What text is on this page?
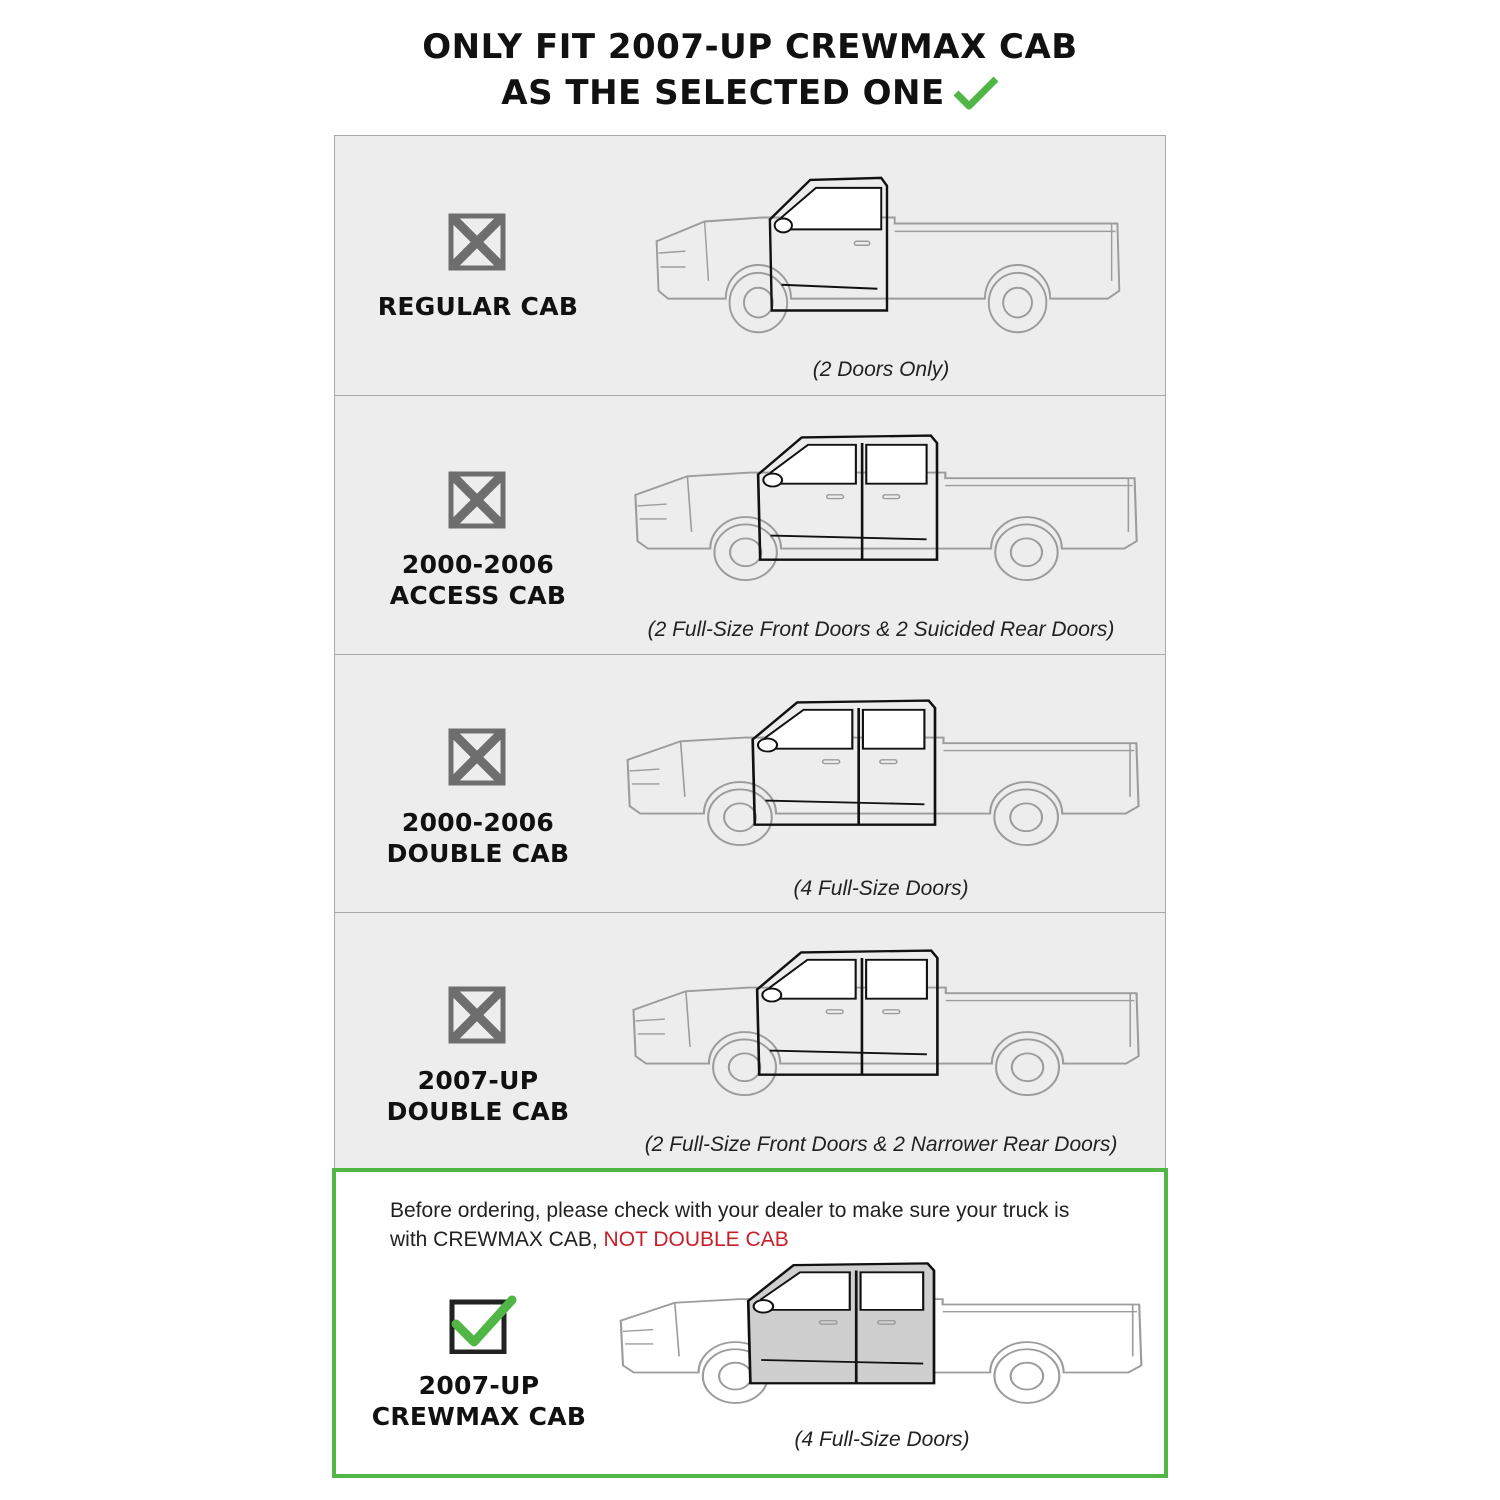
ONLY FIT 2007-UP CREWMAX CAB
AS THE SELECTED ONE
REGULAR CAB
(2 Doors Only)
2000-2006
ACCESS CAB
(2 Full-Size Front Doors & 2 Suicided Rear Doors)
2000-2006
DOUBLE CAB
(4 Full-Size Doors)
2007-UP
DOUBLE CAB
(2 Full-Size Front Doors & 2 Narrower Rear Doors)
Before ordering, please check with your dealer to make sure your truck is
with CREWMAX CAB, NOT DOUBLE CAB
2007-UP
CREWMAX CAB
(4 Full-Size Doors)
